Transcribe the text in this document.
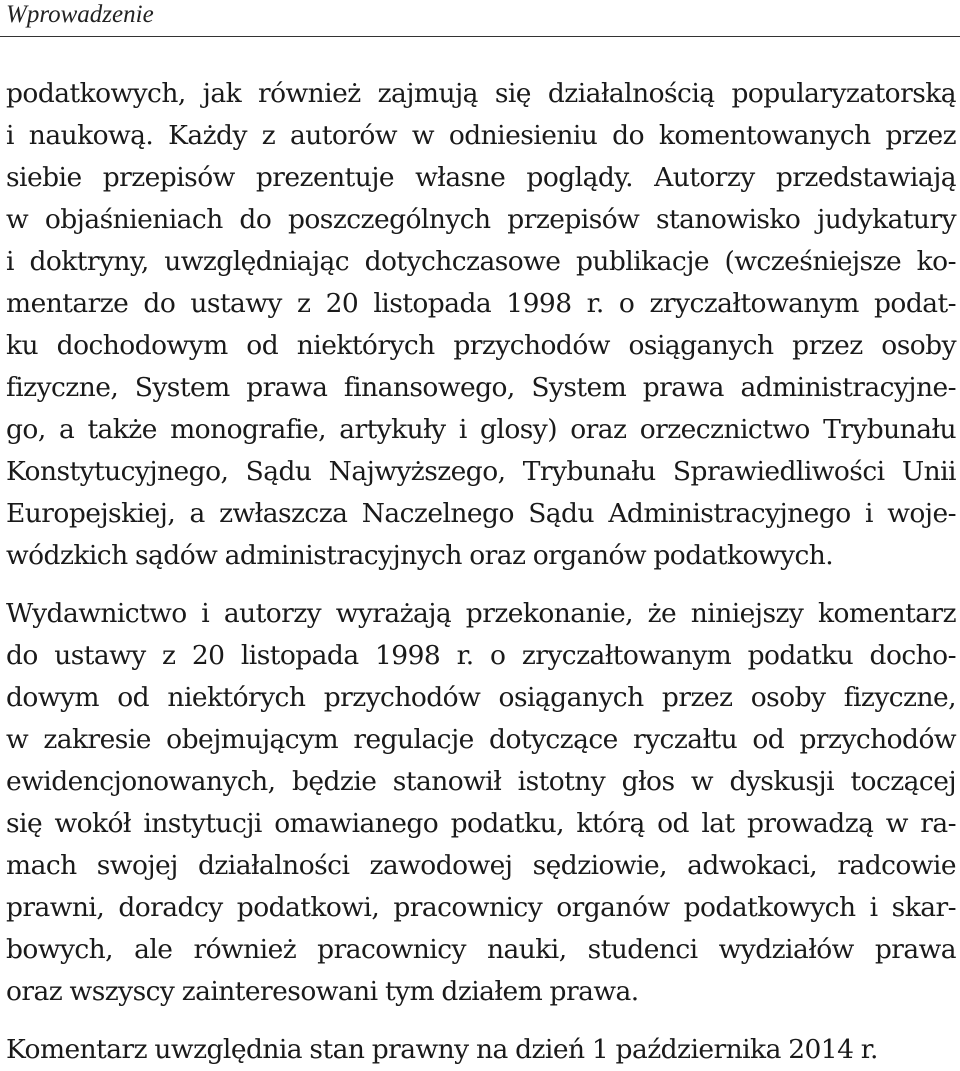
Wprowadzenie
podatkowych, jak również zajmują się działalnością popularyzatorską
i naukową. Każdy z autorów w odniesieniu do komentowanych przez
siebie przepisów prezentuje własne poglądy. Autorzy przedstawiają
w objaśnieniach do poszczególnych przepisów stanowisko judykatury
i doktryny, uwzględniając dotychczasowe publikacje (wcześniejsze ko-
mentarze do ustawy z 20 listopada 1998 r. o zryczałtowanym podat-
ku dochodowym od niektórych przychodów osiąganych przez osoby
fizyczne, System prawa finansowego, System prawa administracyjne-
go, a także monografie, artykuły i glosy) oraz orzecznictwo Trybunału
Konstytucyjnego, Sądu Najwyższego, Trybunału Sprawiedliwości Unii
Europejskiej, a zwłaszcza Naczelnego Sądu Administracyjnego i woje-
wódzkich sądów administracyjnych oraz organów podatkowych.
Wydawnictwo i autorzy wyrażają przekonanie, że niniejszy komentarz
do ustawy z 20 listopada 1998 r. o zryczałtowanym podatku docho-
dowym od niektórych przychodów osiąganych przez osoby fizyczne,
w zakresie obejmującym regulacje dotyczące ryczałtu od przychodów
ewidencjonowanych, będzie stanowił istotny głos w dyskusji toczącej
się wokół instytucji omawianego podatku, którą od lat prowadzą w ra-
mach swojej działalności zawodowej sędziowie, adwokaci, radcowie
prawni, doradcy podatkowi, pracownicy organów podatkowych i skar-
bowych, ale również pracownicy nauki, studenci wydziałów prawa
oraz wszyscy zainteresowani tym działem prawa.
Komentarz uwzględnia stan prawny na dzień 1 października 2014 r.
